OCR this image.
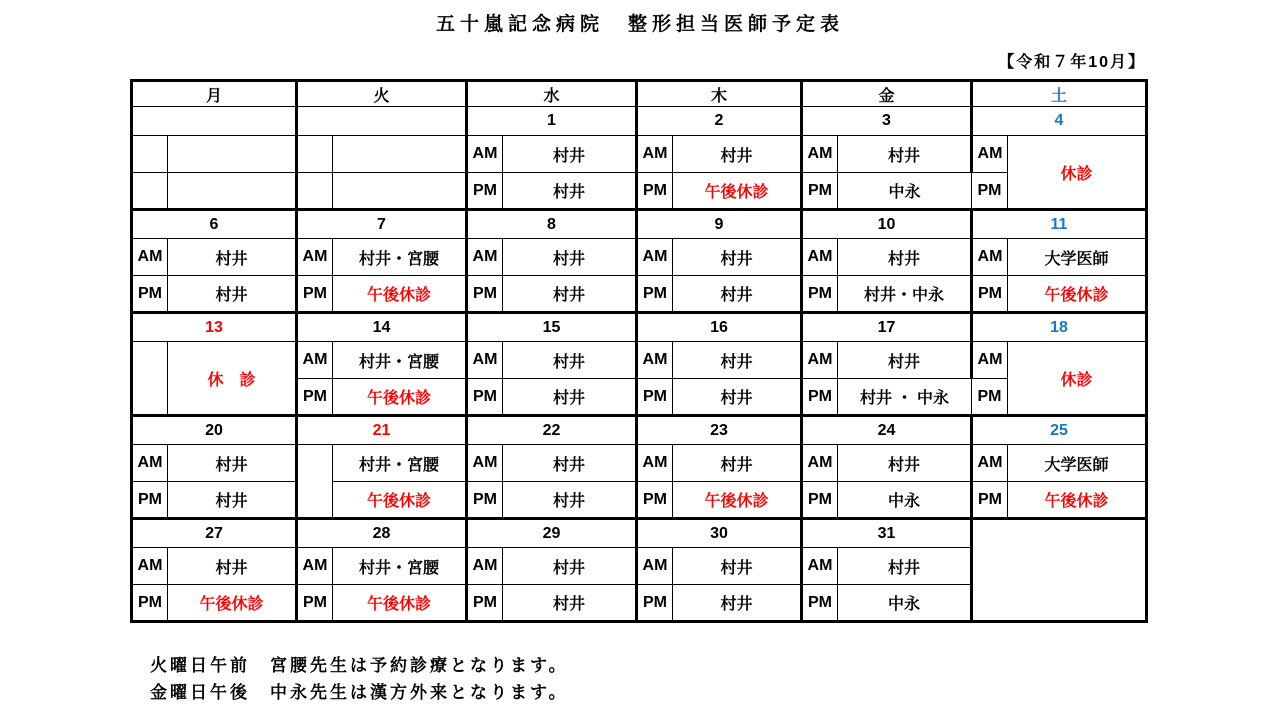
五十嵐記念病院　整形担当医師予定表
【令和７年10月】
月		火		水		木		金		土	
				1		2		3		4	
				AM	村井	AM	村井	AM	村井	AM	休診
				PM	村井	PM	午後休診	PM	中永	PM	
6		7		8		9		10		11	
AM	村井	AM	村井・宮腰	AM	村井	AM	村井	AM	村井	AM	大学医師
PM	村井	PM	午後休診	PM	村井	PM	村井	PM	村井・中永	PM	午後休診
13		14		15		16		17		18	
	休　診	AM	村井・宮腰	AM	村井	AM	村井	AM	村井	AM	休診
		PM	午後休診	PM	村井	PM	村井	PM	村井 ・ 中永	PM	
20		21		22		23		24		25	
AM	村井		村井・宮腰	AM	村井	AM	村井	AM	村井	AM	大学医師
PM	村井		午後休診	PM	村井	PM	午後休診	PM	中永	PM	午後休診
27		28		29		30		31			
AM	村井	AM	村井・宮腰	AM	村井	AM	村井	AM	村井		
PM	午後休診	PM	午後休診	PM	村井	PM	村井	PM	中永		
火曜日午前　宮腰先生は予約診療となります。
金曜日午後　中永先生は漢方外来となります。
